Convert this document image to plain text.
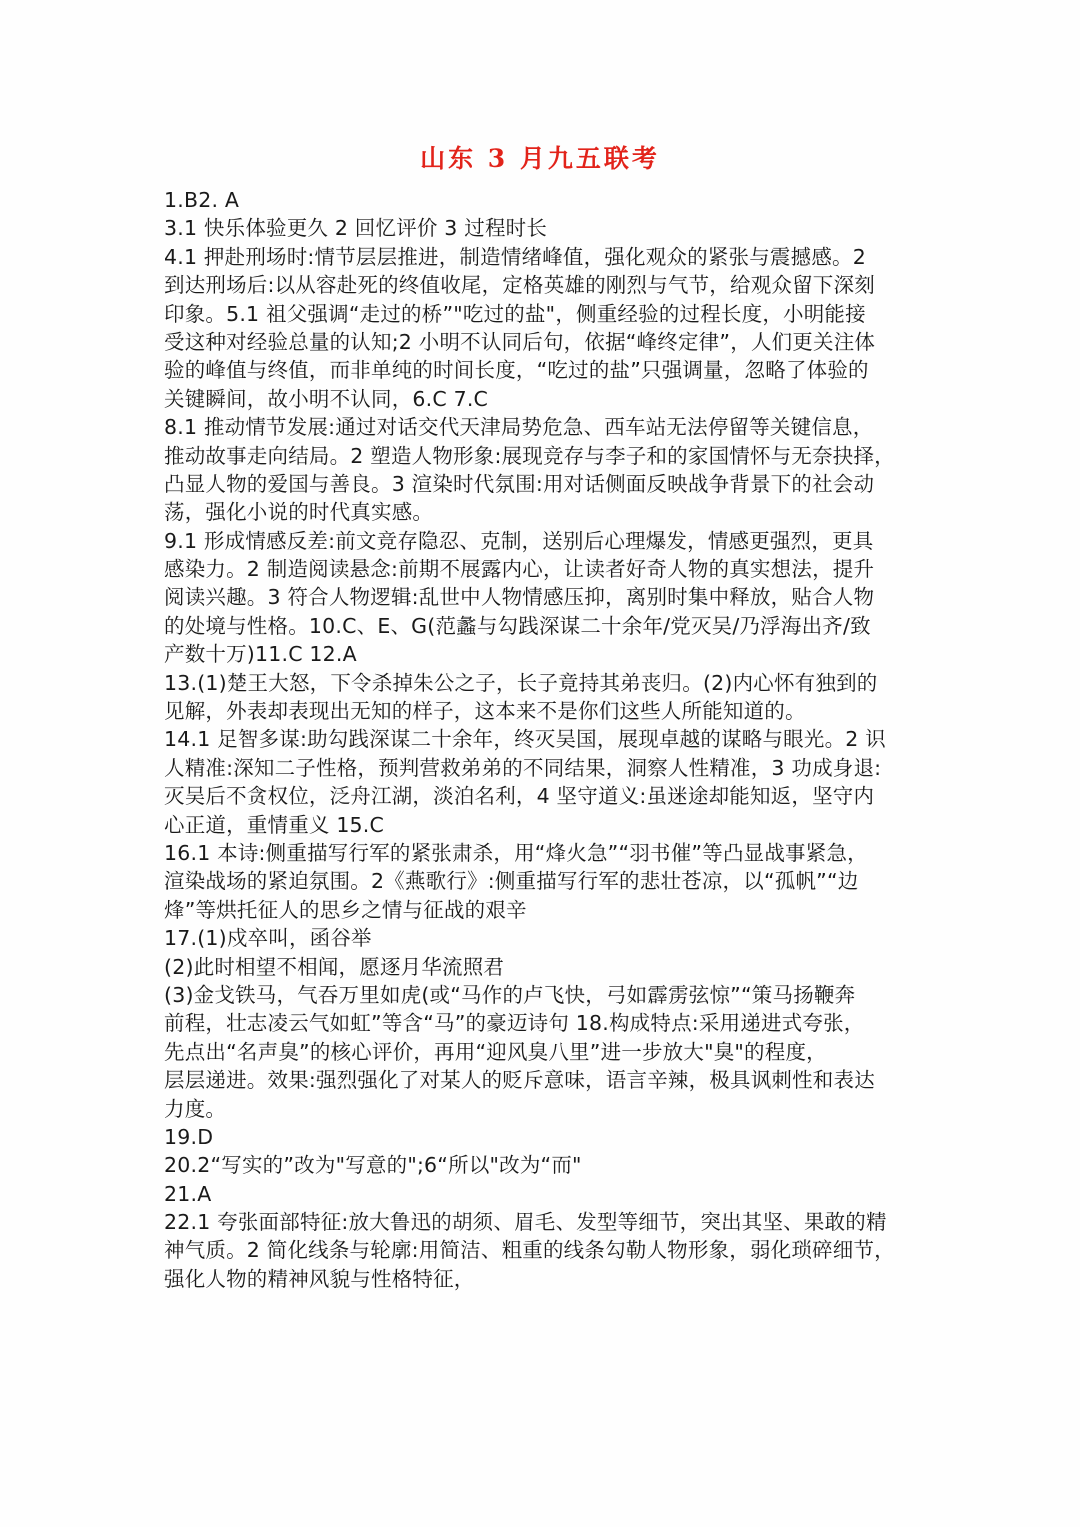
山东 3 月九五联考
1.B2. A
3.1 快乐体验更久 2 回忆评价 3 过程时长
4.1 押赴刑场时:情节层层推进，制造情绪峰值，强化观众的紧张与震撼感。2
到达刑场后:以从容赴死的终值收尾，定格英雄的刚烈与气节，给观众留下深刻
印象。5.1 祖父强调“走过的桥”"吃过的盐"，侧重经验的过程长度，小明能接
受这种对经验总量的认知;2 小明不认同后句，依据“峰终定律”，人们更关注体
验的峰值与终值，而非单纯的时间长度，“吃过的盐”只强调量，忽略了体验的
关键瞬间，故小明不认同，6.C 7.C
8.1 推动情节发展:通过对话交代天津局势危急、西车站无法停留等关键信息，
推动故事走向结局。2 塑造人物形象:展现竞存与李子和的家国情怀与无奈抉择，
凸显人物的爱国与善良。3 渲染时代氛围:用对话侧面反映战争背景下的社会动
荡，强化小说的时代真实感。
9.1 形成情感反差:前文竞存隐忍、克制，送别后心理爆发，情感更强烈，更具
感染力。2 制造阅读悬念:前期不展露内心，让读者好奇人物的真实想法，提升
阅读兴趣。3 符合人物逻辑:乱世中人物情感压抑，离别时集中释放，贴合人物
的处境与性格。10.C、E、G(范蠡与勾践深谋二十余年/党灭吴/乃浮海出齐/致
产数十万)11.C 12.A
13.(1)楚王大怒，下令杀掉朱公之子，长子竟持其弟丧归。(2)内心怀有独到的
见解，外表却表现出无知的样子，这本来不是你们这些人所能知道的。
14.1 足智多谋:助勾践深谋二十余年，终灭吴国，展现卓越的谋略与眼光。2 识
人精准:深知二子性格，预判营救弟弟的不同结果，洞察人性精准，3 功成身退:
灭吴后不贪权位，泛舟江湖，淡泊名利，4 坚守道义:虽迷途却能知返，坚守内
心正道，重情重义 15.C
16.1 本诗:侧重描写行军的紧张肃杀，用“烽火急”“羽书催”等凸显战事紧急，
渲染战场的紧迫氛围。2《燕歌行》:侧重描写行军的悲壮苍凉，以“孤帆”“边
烽”等烘托征人的思乡之情与征战的艰辛
17.(1)戍卒叫，函谷举
(2)此时相望不相闻，愿逐月华流照君
(3)金戈铁马，气吞万里如虎(或“马作的卢飞快，弓如霹雳弦惊”“策马扬鞭奔
前程，壮志凌云气如虹”等含“马”的豪迈诗句 18.构成特点:采用递进式夸张，
先点出“名声臭”的核心评价，再用“迎风臭八里”进一步放大"臭"的程度，
层层递进。效果:强烈强化了对某人的贬斥意味，语言辛辣，极具讽刺性和表达
力度。
19.D
20.2“写实的”改为"写意的";6“所以"改为“而"
21.A
22.1 夸张面部特征:放大鲁迅的胡须、眉毛、发型等细节，突出其坚、果敢的精
神气质。2 简化线条与轮廓:用简洁、粗重的线条勾勒人物形象，弱化琐碎细节，
强化人物的精神风貌与性格特征，
